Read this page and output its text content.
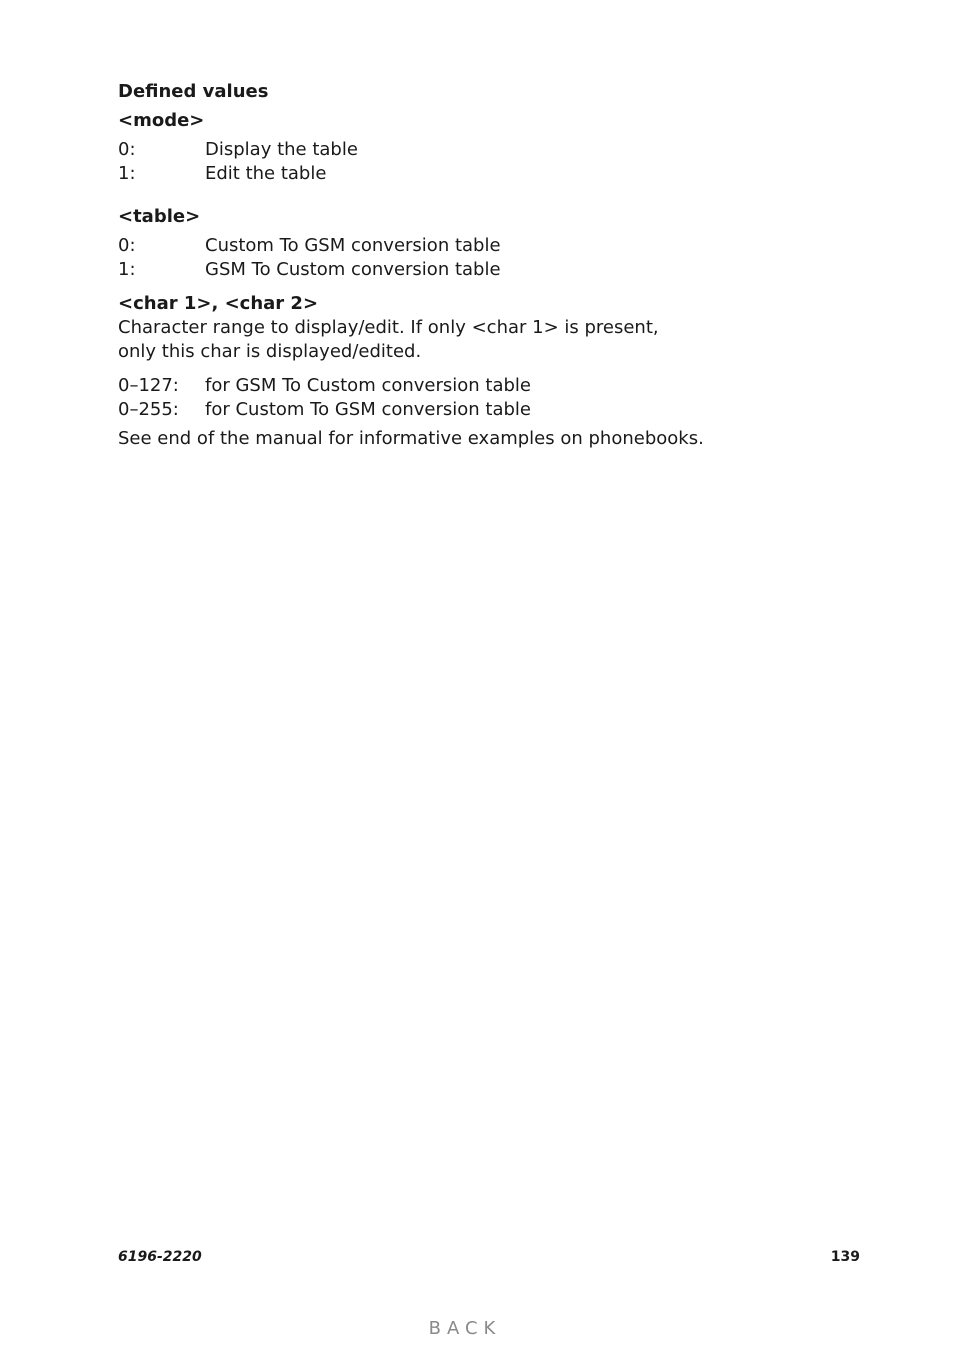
Defined values

<mode>

0:	Display the table
1:	Edit the table

<table>

0:	Custom To GSM conversion table
1:	GSM To Custom conversion table

<char 1>, <char 2>

Character range to display/edit. If only <char 1> is present,

only this char is displayed/edited.

0–127:	for GSM To Custom conversion table
0–255:	for Custom To GSM conversion table

See end of the manual for informative examples on phonebooks.

6196-2220	139
BACK
